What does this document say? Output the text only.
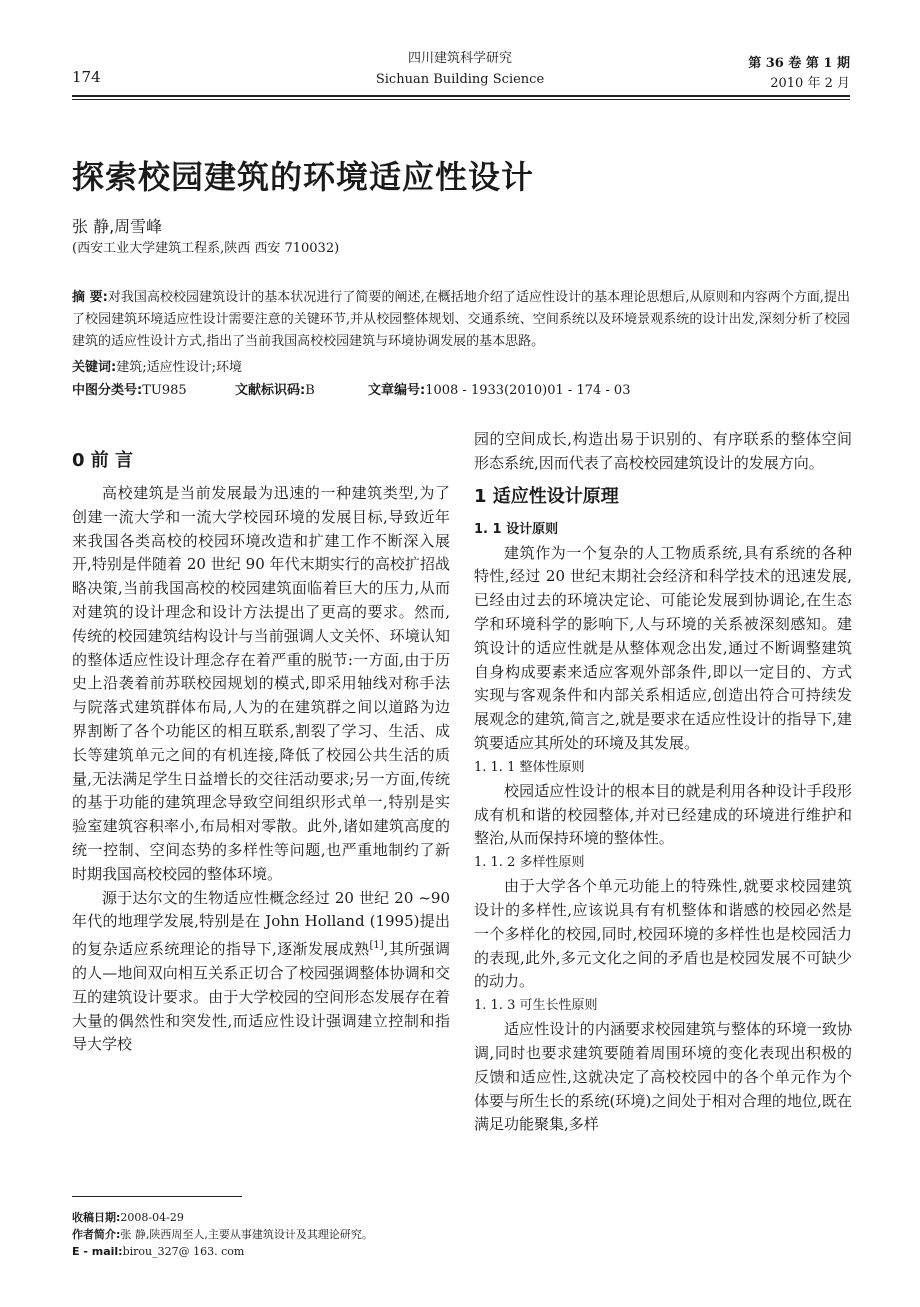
174
四川建筑科学研究
Sichuan Building Science
第 36 卷 第 1 期
2010 年 2 月
探索校园建筑的环境适应性设计
张 静,周雪峰
(西安工业大学建筑工程系,陕西 西安 710032)
摘 要:对我国高校校园建筑设计的基本状况进行了简要的阐述,在概括地介绍了适应性设计的基本理论思想后,从原则和内容两个方面,提出了校园建筑环境适应性设计需要注意的关键环节,并从校园整体规划、交通系统、空间系统以及环境景观系统的设计出发,深刻分析了校园建筑的适应性设计方式,指出了当前我国高校校园建筑与环境协调发展的基本思路。
关键词:建筑;适应性设计;环境
中图分类号:TU985	文献标识码:B	文章编号:1008 - 1933(2010)01 - 174 - 03
0 前 言

高校建筑是当前发展最为迅速的一种建筑类型,为了创建一流大学和一流大学校园环境的发展目标,导致近年来我国各类高校的校园环境改造和扩建工作不断深入展开,特别是伴随着 20 世纪 90 年代末期实行的高校扩招战略决策,当前我国高校的校园建筑面临着巨大的压力,从而对建筑的设计理念和设计方法提出了更高的要求。然而,传统的校园建筑结构设计与当前强调人文关怀、环境认知的整体适应性设计理念存在着严重的脱节:一方面,由于历史上沿袭着前苏联校园规划的模式,即采用轴线对称手法与院落式建筑群体布局,人为的在建筑群之间以道路为边界割断了各个功能区的相互联系,割裂了学习、生活、成长等建筑单元之间的有机连接,降低了校园公共生活的质量,无法满足学生日益增长的交往活动要求;另一方面,传统的基于功能的建筑理念导致空间组织形式单一,特别是实验室建筑容积率小,布局相对零散。此外,诸如建筑高度的统一控制、空间态势的多样性等问题,也严重地制约了新时期我国高校校园的整体环境。

源于达尔文的生物适应性概念经过 20 世纪 20 ~90 年代的地理学发展,特别是在 John Holland (1995)提出的复杂适应系统理论的指导下,逐渐发展成熟[1],其所强调的人—地间双向相互关系正切合了校园强调整体协调和交互的建筑设计要求。由于大学校园的空间形态发展存在着大量的偶然性和突发性,而适应性设计强调建立控制和指导大学校

收稿日期:2008-04-29
作者简介:张 静,陕西周至人,主要从事建筑设计及其理论研究。
E - mail:birou_327@ 163. com

园的空间成长,构造出易于识别的、有序联系的整体空间形态系统,因而代表了高校校园建筑设计的发展方向。

1 适应性设计原理
1. 1 设计原则

建筑作为一个复杂的人工物质系统,具有系统的各种特性,经过 20 世纪末期社会经济和科学技术的迅速发展,已经由过去的环境决定论、可能论发展到协调论,在生态学和环境科学的影响下,人与环境的关系被深刻感知。建筑设计的适应性就是从整体观念出发,通过不断调整建筑自身构成要素来适应客观外部条件,即以一定目的、方式实现与客观条件和内部关系相适应,创造出符合可持续发展观念的建筑,简言之,就是要求在适应性设计的指导下,建筑要适应其所处的环境及其发展。

1. 1. 1 整体性原则

校园适应性设计的根本目的就是利用各种设计手段形成有机和谐的校园整体,并对已经建成的环境进行维护和整治,从而保持环境的整体性。

1. 1. 2 多样性原则

由于大学各个单元功能上的特殊性,就要求校园建筑设计的多样性,应该说具有有机整体和谐感的校园必然是一个多样化的校园,同时,校园环境的多样性也是校园活力的表现,此外,多元文化之间的矛盾也是校园发展不可缺少的动力。

1. 1. 3 可生长性原则

适应性设计的内涵要求校园建筑与整体的环境一致协调,同时也要求建筑要随着周围环境的变化表现出积极的反馈和适应性,这就决定了高校校园中的各个单元作为个体要与所生长的系统(环境)之间处于相对合理的地位,既在满足功能聚集,多样
